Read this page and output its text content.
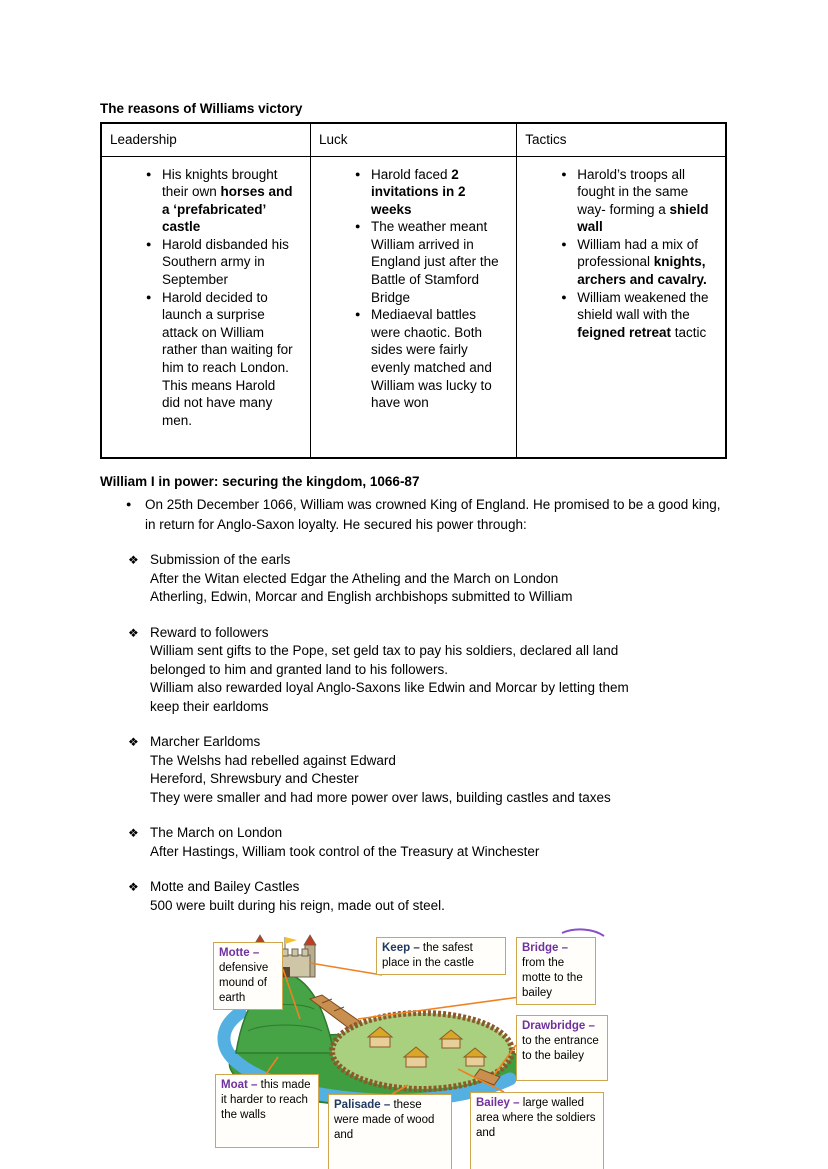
The reasons of Williams victory
Leadership	Luck	Tactics

● His knights brought their own horses and a ‘prefabricated’ castle
● Harold disbanded his Southern army in September
● Harold decided to launch a surprise attack on William rather than waiting for him to reach London. This means Harold did not have many men.

● Harold faced 2 invitations in 2 weeks
● The weather meant William arrived in England just after the Battle of Stamford Bridge
● Mediaeval battles were chaotic. Both sides were fairly evenly matched and William was lucky to have won

● Harold’s troops all fought in the same way- forming a shield wall
● William had a mix of professional knights, archers and cavalry.
● William weakened the shield wall with the feigned retreat tactic
William I in power: securing the kingdom, 1066-87
●	On 25th December 1066, William was crowned King of England. He promised to be a good king, in return for Anglo-Saxon loyalty. He secured his power through:
❖ Submission of the earls
After the Witan elected Edgar the Atheling and the March on London
Atherling, Edwin, Morcar and English archbishops submitted to William
❖ Reward to followers
William sent gifts to the Pope, set geld tax to pay his soldiers, declared all land
belonged to him and granted land to his followers.
William also rewarded loyal Anglo-Saxons like Edwin and Morcar by letting them
keep their earldoms
❖ Marcher Earldoms
The Welshs had rebelled against Edward
Hereford, Shrewsbury and Chester
They were smaller and had more power over laws, building castles and taxes
❖ The March on London
After Hastings, William took control of the Treasury at Winchester
❖ Motte and Bailey Castles
500 were built during his reign, made out of steel.
Motte – defensive mound of earth
Keep – the safest place in the castle
Bridge – from the motte to the bailey
Drawbridge – to the entrance to the bailey
Moat – this made it harder to reach the walls
Palisade – these were made of wood and
Bailey – large walled area where the soldiers and
